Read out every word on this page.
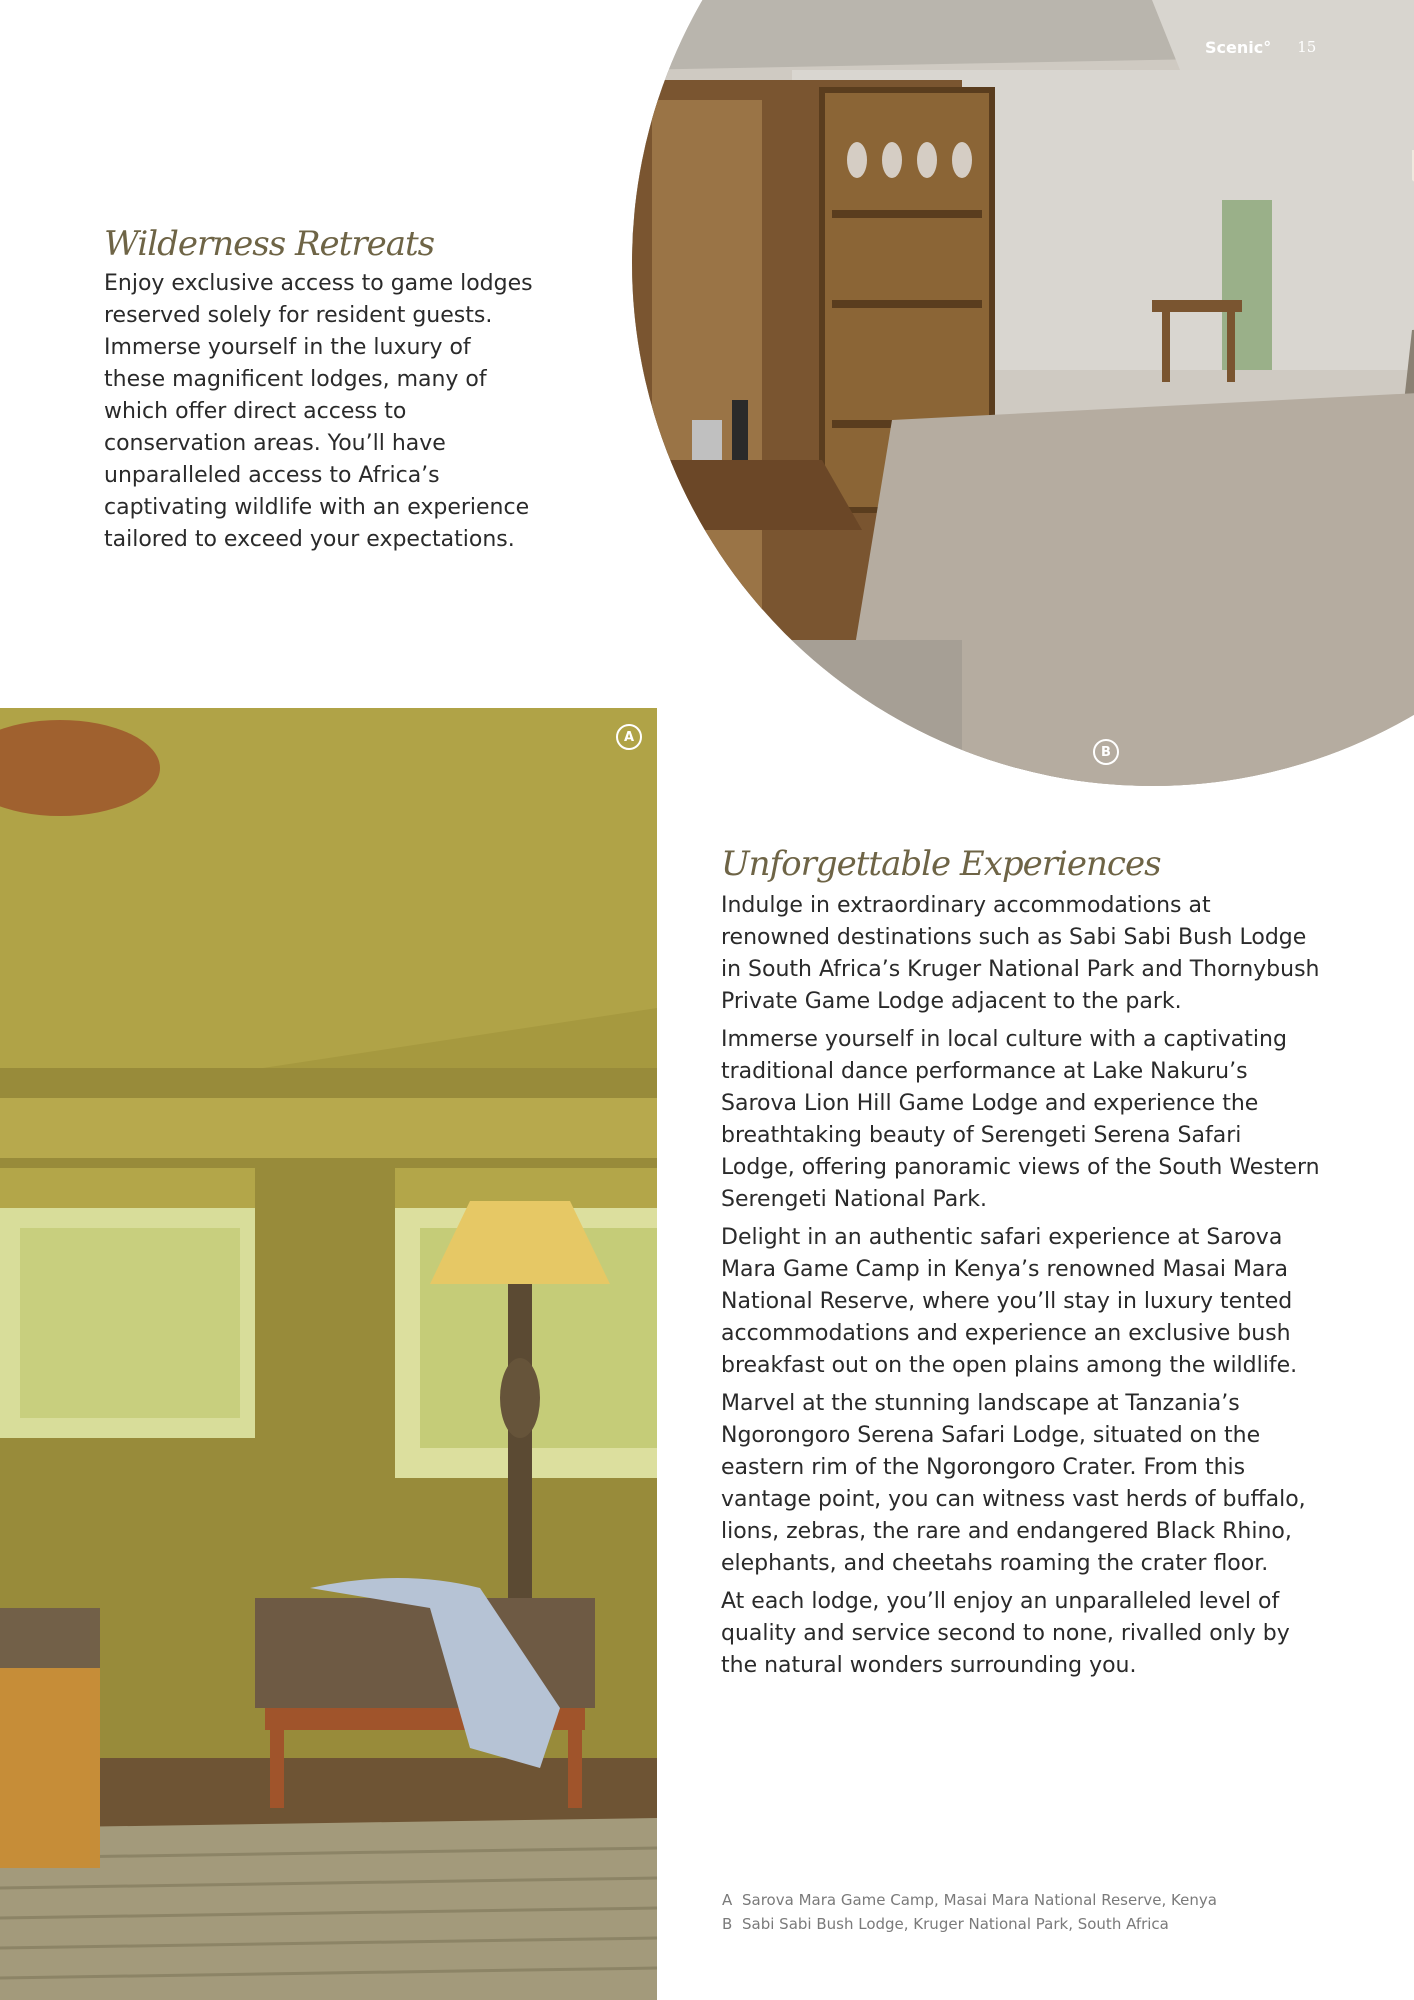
Scenic° 15
A
B
Wilderness Retreats

Enjoy exclusive access to game lodges reserved solely for resident guests. Immerse yourself in the luxury of these magnificent lodges, many of which offer direct access to conservation areas. You’ll have unparalleled access to Africa’s captivating wildlife with an experience tailored to exceed your expectations.

Unforgettable Experiences

Indulge in extraordinary accommodations at renowned destinations such as Sabi Sabi Bush Lodge in South Africa’s Kruger National Park and Thornybush Private Game Lodge adjacent to the park.

Immerse yourself in local culture with a captivating traditional dance performance at Lake Nakuru’s Sarova Lion Hill Game Lodge and experience the breathtaking beauty of Serengeti Serena Safari Lodge, offering panoramic views of the South Western Serengeti National Park.

Delight in an authentic safari experience at Sarova Mara Game Camp in Kenya’s renowned Masai Mara National Reserve, where you’ll stay in luxury tented accommodations and experience an exclusive bush breakfast out on the open plains among the wildlife.

Marvel at the stunning landscape at Tanzania’s Ngorongoro Serena Safari Lodge, situated on the eastern rim of the Ngorongoro Crater. From this vantage point, you can witness vast herds of buffalo, lions, zebras, the rare and endangered Black Rhino, elephants, and cheetahs roaming the crater floor.

At each lodge, you’ll enjoy an unparalleled level of quality and service second to none, rivalled only by the natural wonders surrounding you.

A Sarova Mara Game Camp, Masai Mara National Reserve, Kenya
B Sabi Sabi Bush Lodge, Kruger National Park, South Africa
